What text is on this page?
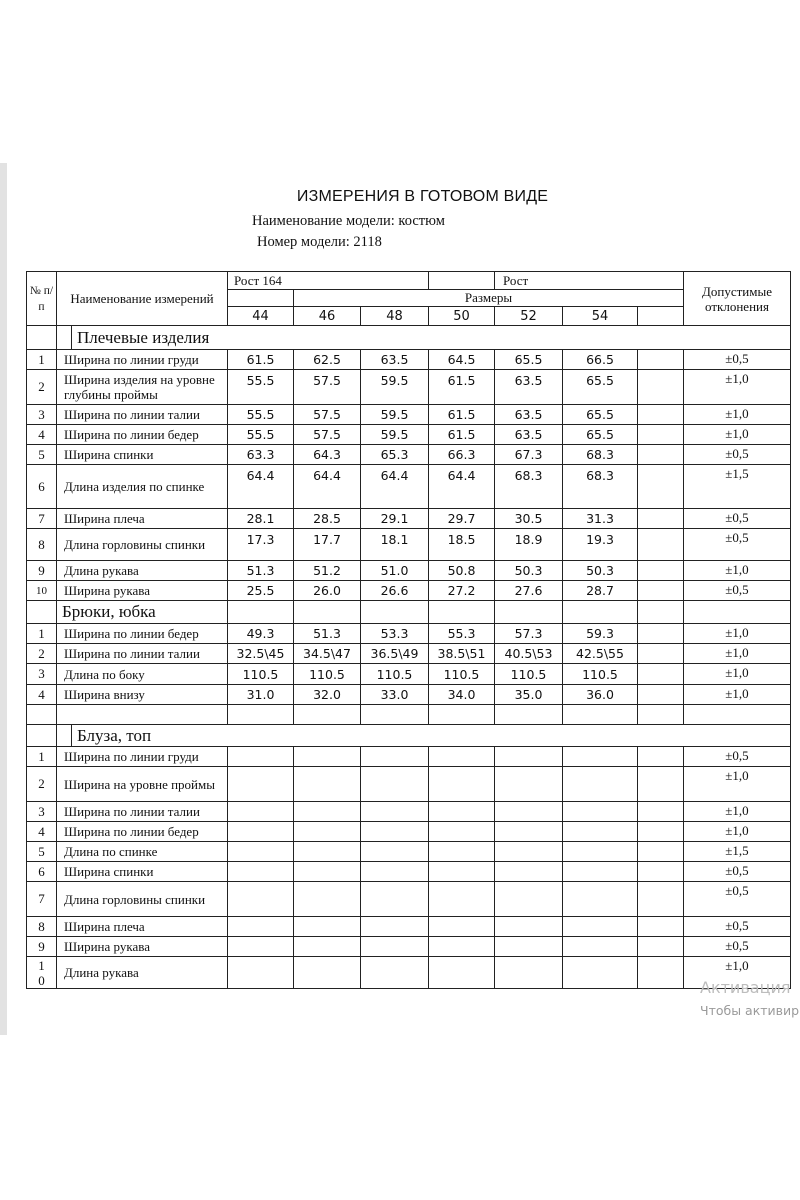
ИЗМЕРЕНИЯ В ГОТОВОМ ВИДЕ
Наименование модели: костюм
Номер модели: 2118
№ п/ п	Наименование измерений		Рост 164				Рост			Допустимые отклонения
				Размеры						
			44	46	48	50	52	54		
		Плечевые изделия								
1	Ширина по линии груди		61.5	62.5	63.5	64.5	65.5	66.5		±0,5
2	Ширина изделия на уровне глубины проймы		55.5	57.5	59.5	61.5	63.5	65.5		±1,0
3	Ширина по линии талии		55.5	57.5	59.5	61.5	63.5	65.5		±1,0
4	Ширина по линии бедер		55.5	57.5	59.5	61.5	63.5	65.5		±1,0
5	Ширина спинки		63.3	64.3	65.3	66.3	67.3	68.3		±0,5
6	Длина изделия по спинке		64.4	64.4	64.4	64.4	68.3	68.3		±1,5
7	Ширина плеча		28.1	28.5	29.1	29.7	30.5	31.3		±0,5
8	Длина горловины спинки		17.3	17.7	18.1	18.5	18.9	19.3		±0,5
9	Длина рукава		51.3	51.2	51.0	50.8	50.3	50.3		±1,0
10	Ширина рукава		25.5	26.0	26.6	27.2	27.6	28.7		±0,5
	Брюки, юбка									
1	Ширина по линии бедер		49.3	51.3	53.3	55.3	57.3	59.3		±1,0
2	Ширина по линии талии		32.5\45	34.5\47	36.5\49	38.5\51	40.5\53	42.5\55		±1,0
3	Длина по боку		110.5	110.5	110.5	110.5	110.5	110.5		±1,0
4	Ширина внизу		31.0	32.0	33.0	34.0	35.0	36.0		±1,0

		Блуза, топ								
1	Ширина по линии груди									±0,5
2	Ширина на уровне проймы									±1,0
3	Ширина по линии талии									±1,0
4	Ширина по линии бедер									±1,0
5	Длина по спинке									±1,5
6	Ширина спинки									±0,5
7	Длина горловины спинки									±0,5
8	Ширина плеча									±0,5
9	Ширина рукава									±0,5
1 0	Длина рукава									±1,0
Активация
Чтобы активир
